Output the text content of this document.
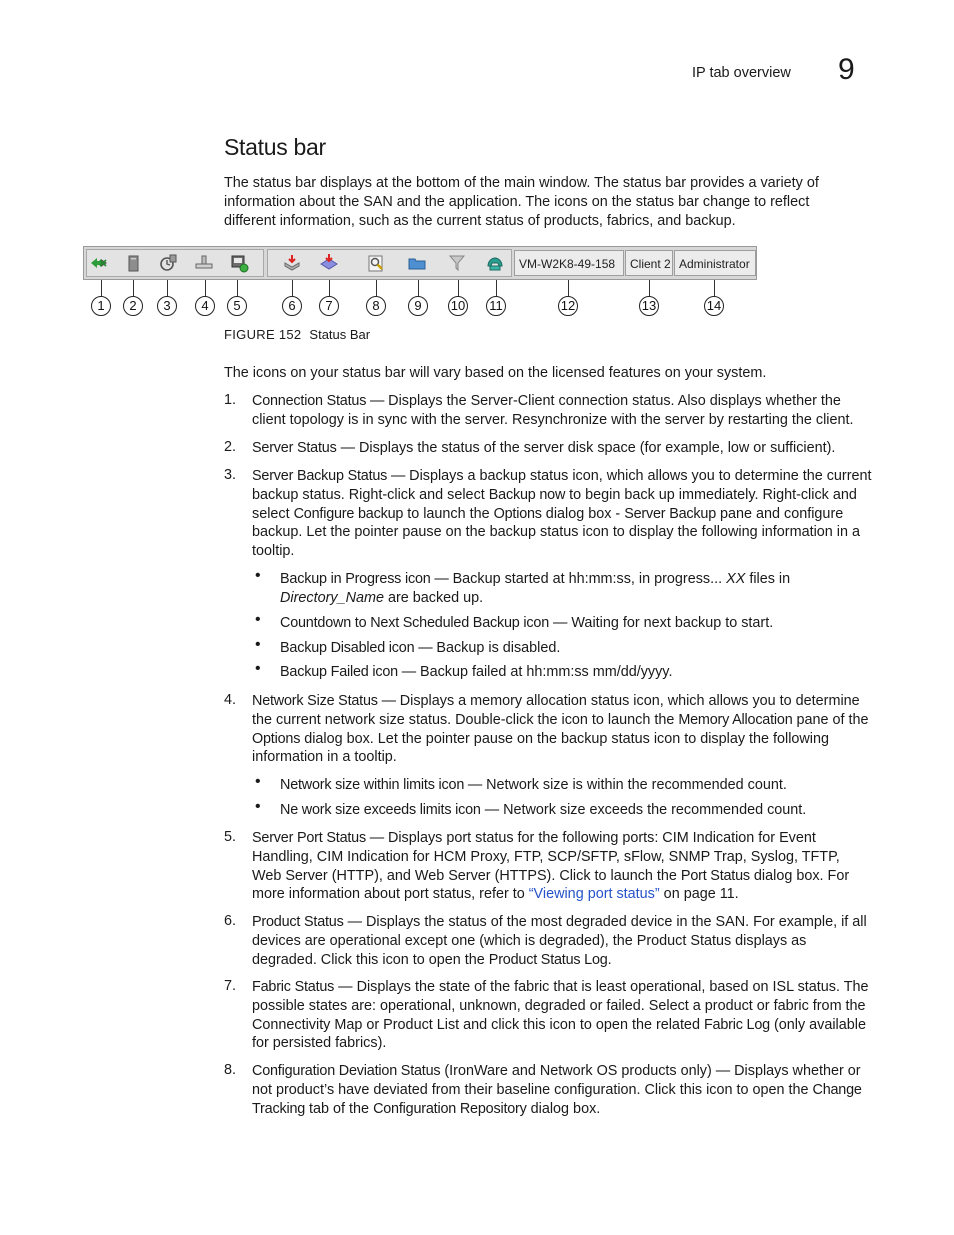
IP tab overview 9
Status bar

The status bar displays at the bottom of the main window. The status bar provides a variety of information about the SAN and the application. The icons on the status bar change to reflect different information, such as the current status of products, fabrics, and backup.

VM-W2K8-49-158	Client 2 Administrator
1	2	3	4	5	6	7	8	9	10 11	12	13	14
FIGURE 152 Status Bar

The icons on your status bar will vary based on the licensed features on your system.

1. Connection Status — Displays the Server-Client connection status. Also displays whether the client topology is in sync with the server. Resynchronize with the server by restarting the client.

2. Server Status — Displays the status of the server disk space (for example, low or sufficient).

3. Server Backup Status — Displays a backup status icon, which allows you to determine the current backup status. Right-click and select Backup now to begin back up immediately. Right-click and select Configure backup to launch the Options dialog box - Server Backup pane and configure backup. Let the pointer pause on the backup status icon to display the following information in a tooltip.

• Backup in Progress icon — Backup started at hh:mm:ss, in progress... XX files in Directory_Name are backed up.

• Countdown to Next Scheduled Backup icon — Waiting for next backup to start.

• Backup Disabled icon — Backup is disabled.

• Backup Failed icon — Backup failed at hh:mm:ss mm/dd/yyyy.

4. Network Size Status — Displays a memory allocation status icon, which allows you to determine the current network size status. Double-click the icon to launch the Memory Allocation pane of the Options dialog box. Let the pointer pause on the backup status icon to display the following information in a tooltip.

• Network size within limits icon — Network size is within the recommended count.

• Ne work size exceeds limits icon — Network size exceeds the recommended count.

5. Server Port Status — Displays port status for the following ports: CIM Indication for Event Handling, CIM Indication for HCM Proxy, FTP, SCP/SFTP, sFlow, SNMP Trap, Syslog, TFTP, Web Server (HTTP), and Web Server (HTTPS). Click to launch the Port Status dialog box. For more information about port status, refer to “Viewing port status” on page 11.

6. Product Status — Displays the status of the most degraded device in the SAN. For example, if all devices are operational except one (which is degraded), the Product Status displays as degraded. Click this icon to open the Product Status Log.

7. Fabric Status — Displays the state of the fabric that is least operational, based on ISL status. The possible states are: operational, unknown, degraded or failed. Select a product or fabric from the Connectivity Map or Product List and click this icon to open the related Fabric Log (only available for persisted fabrics).

8. Configuration Deviation Status (IronWare and Network OS products only) — Displays whether or not product’s have deviated from their baseline configuration. Click this icon to open the Change Tracking tab of the Configuration Repository dialog box.
